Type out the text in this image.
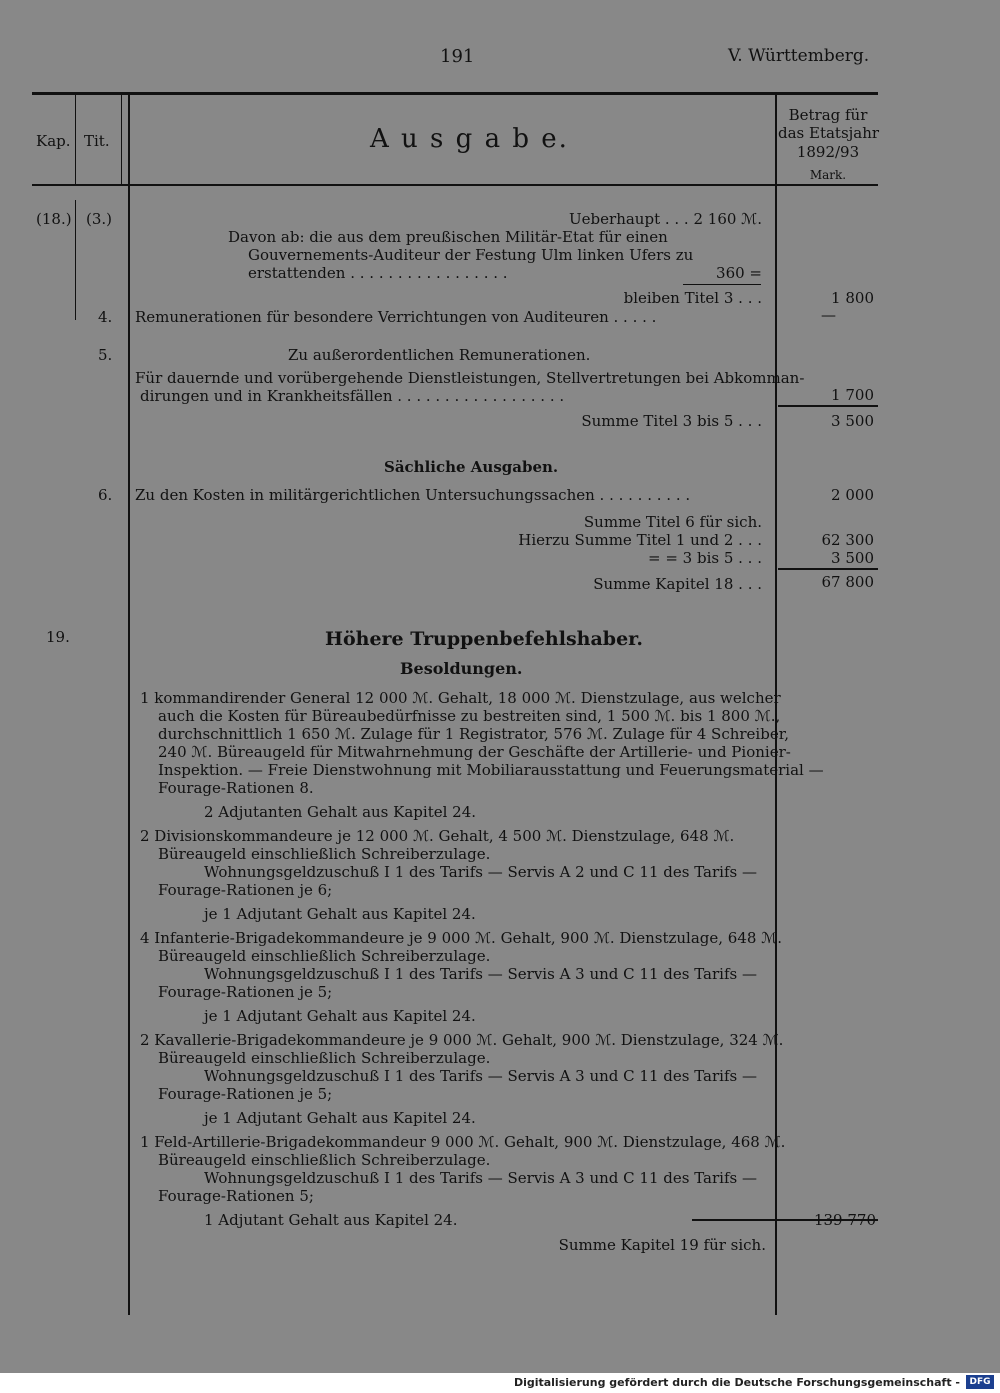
191	V. Württemberg.
Kap. Tit.	A u s g a b e.
Betrag für
das Etatsjahr
1892/93
Mark.
(18.) (3.)	Ueberhaupt . . . 2 160 ℳ.
Davon ab: die aus dem preußischen Militär-Etat für einen
Gouvernements-Auditeur der Festung Ulm linken Ufers zu
erstattenden . . . . . . . . . . . . . . . . .	360 =
bleiben Titel 3 . . .	1 800
4. Remunerationen für besondere Verrichtungen von Auditeuren . . . . .	—
5.	Zu außerordentlichen Remunerationen.
Für dauernde und vorübergehende Dienstleistungen, Stellvertretungen bei Abkomman-
dirungen und in Krankheitsfällen . . . . . . . . . . . . . . . . . .	1 700
Summe Titel 3 bis 5 . . .	3 500
Sächliche Ausgaben.
6. Zu den Kosten in militärgerichtlichen Untersuchungssachen . . . . . . . . . .	2 000
Summe Titel 6 für sich.
Hierzu Summe Titel 1 und 2 . . .	62 300
= = 3 bis 5 . . .	3 500
Summe Kapitel 18 . . .	67 800
19.	Höhere Truppenbefehlshaber.
Besoldungen.
1 kommandirender General 12 000 ℳ. Gehalt, 18 000 ℳ. Dienstzulage, aus welcher
auch die Kosten für Büreaubedürfnisse zu bestreiten sind, 1 500 ℳ. bis 1 800 ℳ.,
durchschnittlich 1 650 ℳ. Zulage für 1 Registrator, 576 ℳ. Zulage für 4 Schreiber,
240 ℳ. Büreaugeld für Mitwahrnehmung der Geschäfte der Artillerie- und Pionier-
Inspektion. — Freie Dienstwohnung mit Mobiliarausstattung und Feuerungsmaterial —
Fourage-Rationen 8.
2 Adjutanten Gehalt aus Kapitel 24.
2 Divisionskommandeure je 12 000 ℳ. Gehalt, 4 500 ℳ. Dienstzulage, 648 ℳ.
Büreaugeld einschließlich Schreiberzulage.
Wohnungsgeldzuschuß I 1 des Tarifs — Servis A 2 und C 11 des Tarifs —
Fourage-Rationen je 6;
je 1 Adjutant Gehalt aus Kapitel 24.
4 Infanterie-Brigadekommandeure je 9 000 ℳ. Gehalt, 900 ℳ. Dienstzulage, 648 ℳ.
Büreaugeld einschließlich Schreiberzulage.
Wohnungsgeldzuschuß I 1 des Tarifs — Servis A 3 und C 11 des Tarifs —
Fourage-Rationen je 5;
je 1 Adjutant Gehalt aus Kapitel 24.
2 Kavallerie-Brigadekommandeure je 9 000 ℳ. Gehalt, 900 ℳ. Dienstzulage, 324 ℳ.
Büreaugeld einschließlich Schreiberzulage.
Wohnungsgeldzuschuß I 1 des Tarifs — Servis A 3 und C 11 des Tarifs —
Fourage-Rationen je 5;
je 1 Adjutant Gehalt aus Kapitel 24.
1 Feld-Artillerie-Brigadekommandeur 9 000 ℳ. Gehalt, 900 ℳ. Dienstzulage, 468 ℳ.
Büreaugeld einschließlich Schreiberzulage.
Wohnungsgeldzuschuß I 1 des Tarifs — Servis A 3 und C 11 des Tarifs —
Fourage-Rationen 5;
1 Adjutant Gehalt aus Kapitel 24.	139 770
Summe Kapitel 19 für sich.
Digitalisierung gefördert durch die Deutsche Forschungsgemeinschaft -	DFG
